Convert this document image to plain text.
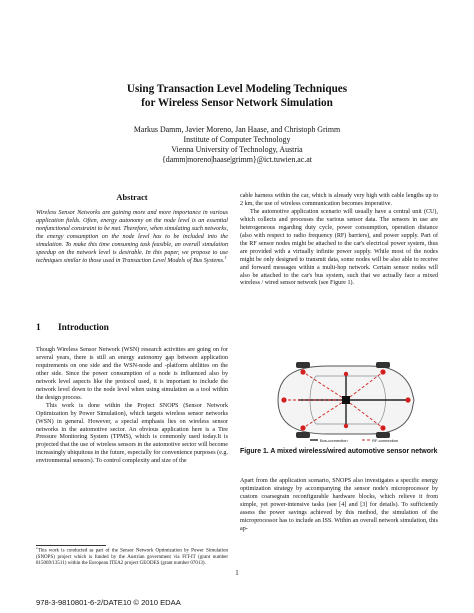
Using Transaction Level Modeling Techniques
for Wireless Sensor Network Simulation
Markus Damm, Javier Moreno, Jan Haase, and Christoph Grimm
Institute of Computer Technology
Vienna University of Technology, Austria
{damm|moreno|haase|grimm}@ict.tuwien.ac.at
Abstract
Wireless Sensor Networks are gaining more and more importance in various application fields. Often, energy autonomy on the node level is an essential nonfunctional constraint to be met. Therefore, when simulating such networks, the energy consumption on the node level has to be included into the simulation. To make this time consuming task feasible, an overall simulation speedup on the network level is desirable. In this paper, we propose to use techniques similar to those used in Transaction Level Models of Bus Systems.$^1$
1 Introduction

Though Wireless Sensor Network (WSN) research activities are going on for several years, there is still an energy autonomy gap between application requirements on one side and the WSN-node and -platform abilities on the other side. Since the power consumption of a node is influenced also by network level aspects like the protocol used, it is important to include the network level down to the node level when using simulation as a tool within the design process.

This work is done within the Project SNOPS (Sensor Network Optimization by Power Simulation), which targets wireless sensor networks (WSN) in general. However, a special emphasis lies on wireless sensor networks in the automotive sector. An obvious application here is a Tire Pressure Monitoring System (TPMS), which is commonly used today.It is projected that the use of wireless sensors in the automotive sector will become increasingly ubiquitous in the future, especially for convenience purposes (e.g. environmental sensors). To control complexity and size of the

cable harness within the car, which is already very high with cable lengths up to 2 km, the use of wireless communication becomes imperative.

The automotive application scenario will usually have a central unit (CU), which collects and processes the various sensor data. The sensors in use are heterogeneous regarding duty cycle, power consumption, operation distance (also with respect to radio frequency (RF) barriers), and power supply. Part of the RF sensor nodes might be attached to the car's electrical power system, thus are provided with a virtually infinite power supply. While most of the nodes might be only designed to transmit data, some nodes will be also able to receive and forward messages within a multi-hop network. Certain sensor nodes will also be attached to the car's bus system, such that we actually face a mixed wireless / wired sensor network (see Figure 1).

Bus-connection	RF-connection
Figure 1. A mixed wireless/wired automotive sensor network

Apart from the application scenario, SNOPS also investigates a specific energy optimization strategy by accompanying the sensor node's microprocessor by custom coarsegrain reconfigurable hardware blocks, which relieve it from simple, yet power-intensive tasks (see [4] and [3] for details). To sufficiently assess the power savings achieved by this method, the simulation of the microprocessor has to include an ISS. Within an overall network simulation, this ap-

$^1$This work is conducted as part of the Sensor Network Optimization by Power Simulation (SNOPS) project which is funded by the Austrian government via FIT-IT (grant number 815069/13511) within the European ITEA2 project GEODES (grant number 07013).
1
978-3-9810801-6-2/DATE10 © 2010 EDAA
